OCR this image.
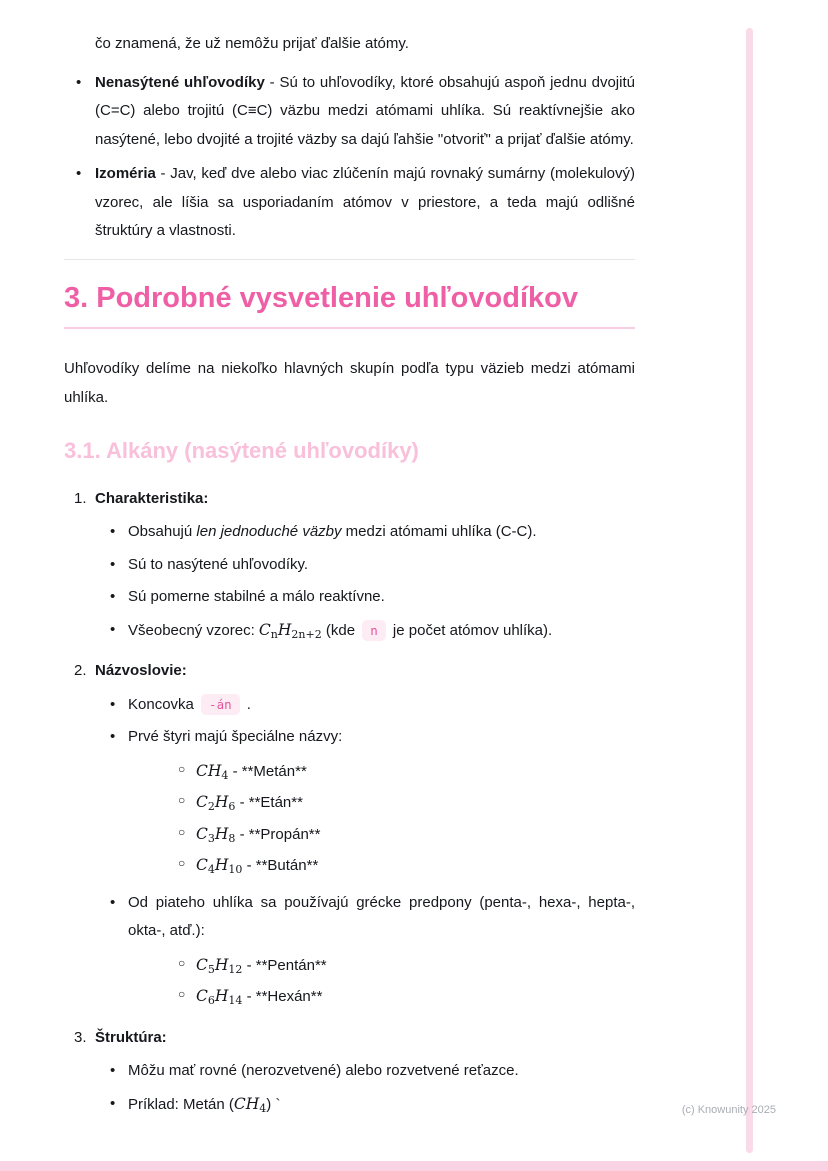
čo znamená, že už nemôžu prijať ďalšie atómy.

• Nenasýtené uhľovodíky - Sú to uhľovodíky, ktoré obsahujú aspoň jednu dvojitú (C=C) alebo trojitú (C≡C) väzbu medzi atómami uhlíka. Sú reaktívnejšie ako nasýtené, lebo dvojité a trojité väzby sa dajú ľahšie "otvoriť" a prijať ďalšie atómy.
• Izoméria - Jav, keď dve alebo viac zlúčenín majú rovnaký sumárny (molekulový) vzorec, ale líšia sa usporiadaním atómov v priestore, a teda majú odlišné štruktúry a vlastnosti.
3. Podrobné vysvetlenie uhľovodíkov

Uhľovodíky delíme na niekoľko hlavných skupín podľa typu väzieb medzi atómami uhlíka.

3.1. Alkány (nasýtené uhľovodíky)
1. Charakteristika:
• Obsahujú len jednoduché väzby medzi atómami uhlíka (C-C).
• Sú to nasýtené uhľovodíky.
• Sú pomerne stabilné a málo reaktívne.
• Všeobecný vzorec: $C_nH_{2n+2}$ (kde n je počet atómov uhlíka).
2. Názvoslovie:
• Koncovka -án .
• Prvé štyri majú špeciálne názvy:
○ $CH_4$ - **Metán**
○ $C_2H_6$ - **Etán**
○ $C_3H_8$ - **Propán**
○ $C_4H_{10}$ - **Bután**
• Od piateho uhlíka sa používajú grécke predpony (penta-, hexa-, hepta-, okta-, atď.):
○ $C_5H_{12}$ - **Pentán**
○ $C_6H_{14}$ - **Hexán**
3. Štruktúra:
• Môžu mať rovné (nerozvetvené) alebo rozvetvené reťazce.
• Príklad: Metán $(CH_4)$ `	(c) Knowunity 2025
